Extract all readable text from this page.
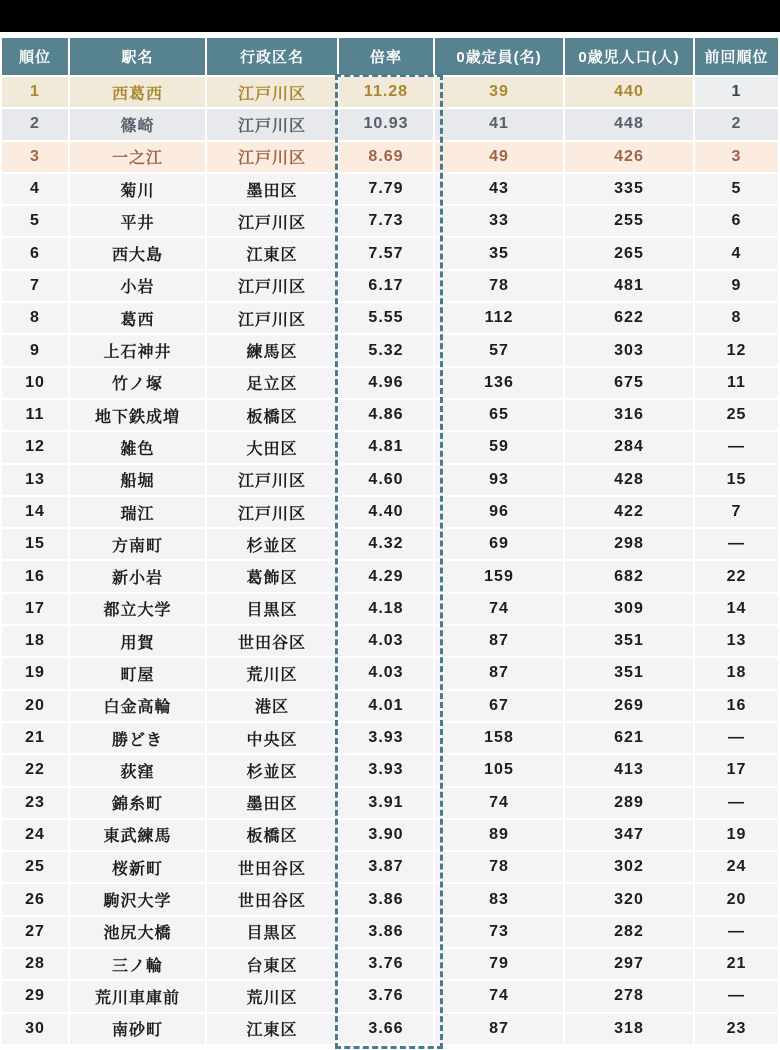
順位	駅名	行政区名	倍率	0歳定員(名)	0歳児人口(人)	前回順位
1	西葛西	江戸川区	11.28	39	440	1
2	篠崎	江戸川区	10.93	41	448	2
3	一之江	江戸川区	8.69	49	426	3
4	菊川	墨田区	7.79	43	335	5
5	平井	江戸川区	7.73	33	255	6
6	西大島	江東区	7.57	35	265	4
7	小岩	江戸川区	6.17	78	481	9
8	葛西	江戸川区	5.55	112	622	8
9	上石神井	練馬区	5.32	57	303	12
10	竹ノ塚	足立区	4.96	136	675	11
11	地下鉄成増	板橋区	4.86	65	316	25
12	雑色	大田区	4.81	59	284	—
13	船堀	江戸川区	4.60	93	428	15
14	瑞江	江戸川区	4.40	96	422	7
15	方南町	杉並区	4.32	69	298	—
16	新小岩	葛飾区	4.29	159	682	22
17	都立大学	目黒区	4.18	74	309	14
18	用賀	世田谷区	4.03	87	351	13
19	町屋	荒川区	4.03	87	351	18
20	白金高輪	港区	4.01	67	269	16
21	勝どき	中央区	3.93	158	621	—
22	荻窪	杉並区	3.93	105	413	17
23	錦糸町	墨田区	3.91	74	289	—
24	東武練馬	板橋区	3.90	89	347	19
25	桜新町	世田谷区	3.87	78	302	24
26	駒沢大学	世田谷区	3.86	83	320	20
27	池尻大橋	目黒区	3.86	73	282	—
28	三ノ輪	台東区	3.76	79	297	21
29	荒川車庫前	荒川区	3.76	74	278	—
30	南砂町	江東区	3.66	87	318	23
